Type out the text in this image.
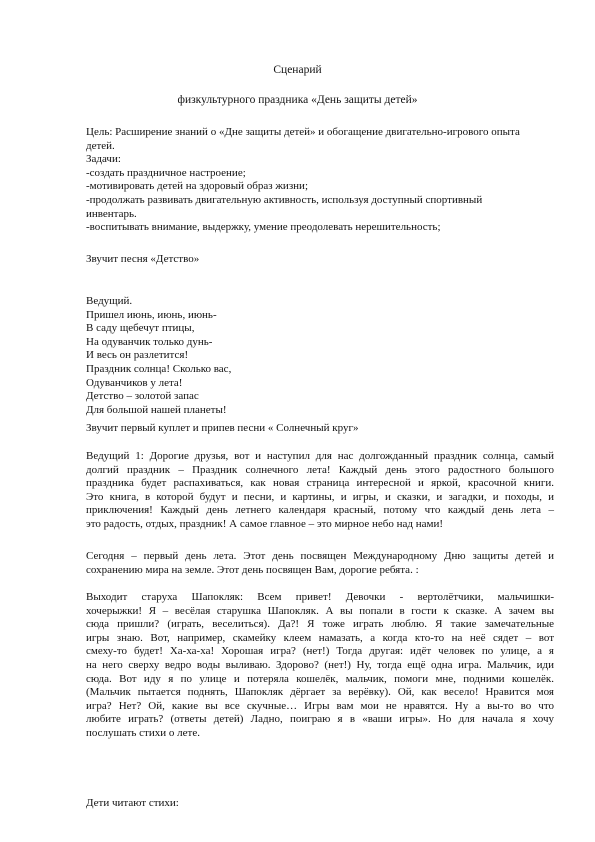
Сценарий
физкультурного праздника «День защиты детей»
Цель: Расширение знаний о «Дне защиты детей» и обогащение двигательно-игрового опыта
детей.
Задачи:
-создать праздничное настроение;
-мотивировать детей на здоровый образ жизни;
-продолжать развивать двигательную активность, используя доступный спортивный
инвентарь.
-воспитывать внимание, выдержку, умение преодолевать нерешительность;
Звучит песня «Детство»
Ведущий.
Пришел июнь, июнь, июнь-
В саду щебечут птицы,
На одуванчик только дунь-
И весь он разлетится!
Праздник солнца! Сколько вас,
Одуванчиков у лета!
Детство – золотой запас
Для большой нашей планеты!
Звучит первый куплет и припев песни « Солнечный круг»
Ведущий 1: Дорогие друзья, вот и наступил для нас долгожданный праздник солнца, самый
долгий праздник – Праздник солнечного лета! Каждый день этого радостного большого
праздника будет распахиваться, как новая страница интересной и яркой, красочной книги.
Это книга, в которой будут и песни, и картины, и игры, и сказки, и загадки, и походы, и
приключения! Каждый день летнего календаря красный, потому что каждый день лета –
это радость, отдых, праздник! А самое главное – это мирное небо над нами!
Сегодня – первый день лета. Этот день посвящен Международному Дню защиты детей и
сохранению мира на земле. Этот день посвящен Вам, дорогие ребята. :
Выходит старуха Шапокляк: Всем привет! Девочки - вертолётчики, мальчишки-
хочерыжки! Я – весёлая старушка Шапокляк. А вы попали в гости к сказке. А зачем вы
сюда пришли? (играть, веселиться). Да?! Я тоже играть люблю. Я такие замечательные
игры знаю. Вот, например, скамейку клеем намазать, а когда кто-то на неё сядет – вот
смеху-то будет! Ха-ха-ха! Хорошая игра? (нет!) Тогда другая: идёт человек по улице, а я
на него сверху ведро воды выливаю. Здорово? (нет!) Ну, тогда ещё одна игра. Мальчик, иди
сюда. Вот иду я по улице и потеряла кошелёк, мальчик, помоги мне, подними кошелёк.
(Мальчик пытается поднять, Шапокляк дёргает за верёвку). Ой, как весело! Нравится моя
игра? Нет? Ой, какие вы все скучные… Игры вам мои не нравятся. Ну а вы-то во что
любите играть? (ответы детей) Ладно, поиграю я в «ваши игры». Но для начала я хочу
послушать стихи о лете.
Дети читают стихи:
